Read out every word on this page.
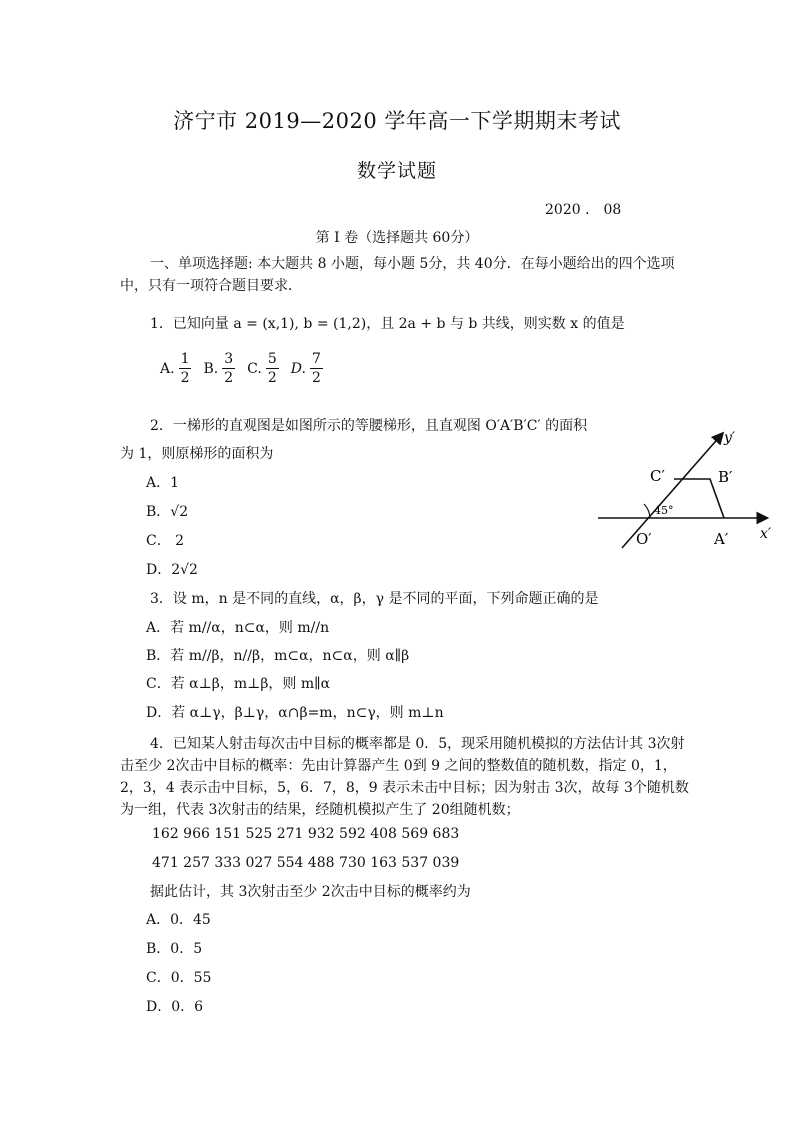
济宁市 2019—2020 学年高一下学期期末考试
数学试题
2020 ． 08
第 I 卷（选择题共 60分）
一、单项选择题: 本大题共 8 小题，每小题 5分，共 40分．在每小题给出的四个选项
中，只有一项符合题目要求．
1．已知向量 a = (x,1), b = (1,2)，且 2a + b 与 b 共线，则实数 x 的值是
A. $\frac{1}{2} B$. $\frac{3}{2} C$. $\frac{5}{2} D$. $\frac{7}{2}$
2．一梯形的直观图是如图所示的等腰梯形，且直观图 O′A′B′C′ 的面积
为 1，则原梯形的面积为
A．1
B．√2
C． 2
D．2√2
y′
x′
C′	B′
45°
O′	A′
3．设 m，n 是不同的直线，α，β，γ 是不同的平面，下列命题正确的是
A．若 m//α，n⊂α，则 m//n
B．若 m//β，n//β，m⊂α，n⊂α，则 α∥β
C．若 α⊥β，m⊥β，则 m∥α
D．若 α⊥γ，β⊥γ，α∩β=m，n⊂γ，则 m⊥n
4．已知某人射击每次击中目标的概率都是 0．5，现采用随机模拟的方法估计其 3次射
击至少 2次击中目标的概率：先由计算器产生 0到 9 之间的整数值的随机数，指定 0，1，
2，3，4 表示击中目标，5，6．7，8，9 表示未击中目标；因为射击 3次，故每 3个随机数
为一组，代表 3次射击的结果，经随机模拟产生了 20组随机数；
162 966 151 525 271 932 592 408 569 683
471 257 333 027 554 488 730 163 537 039
据此估计，其 3次射击至少 2次击中目标的概率约为
A．0．45
B．0．5
C．0．55
D．0．6
